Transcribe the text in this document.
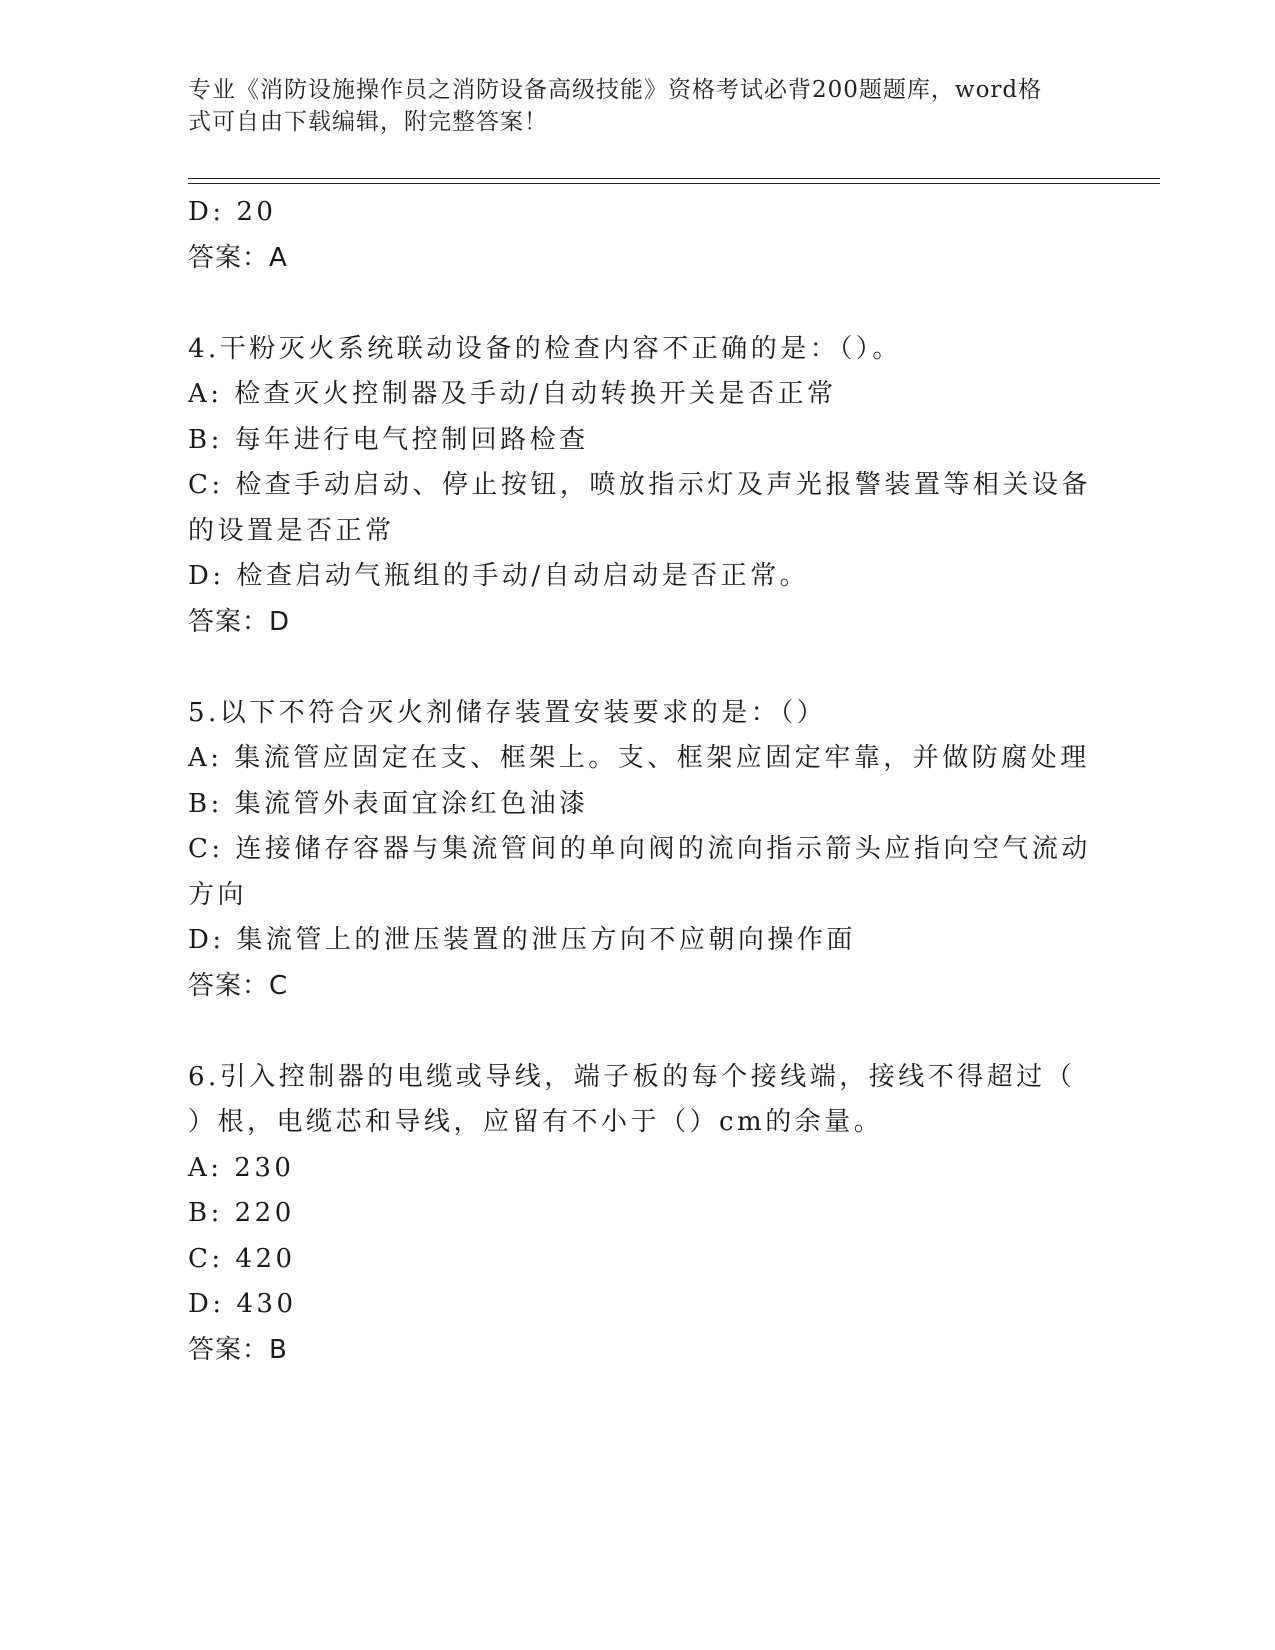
专业《消防设施操作员之消防设备高级技能》资格考试必背200题题库，word格
式可自由下载编辑，附完整答案！
D: 20
答案：A
4.干粉灭火系统联动设备的检查内容不正确的是：（）。
A: 检查灭火控制器及手动/自动转换开关是否正常
B: 每年进行电气控制回路检查
C: 检查手动启动、停止按钮，喷放指示灯及声光报警装置等相关设备
的设置是否正常
D: 检查启动气瓶组的手动/自动启动是否正常。
答案：D
5.以下不符合灭火剂储存装置安装要求的是：（）
A: 集流管应固定在支、框架上。支、框架应固定牢靠，并做防腐处理
B: 集流管外表面宜涂红色油漆
C: 连接储存容器与集流管间的单向阀的流向指示箭头应指向空气流动
方向
D: 集流管上的泄压装置的泄压方向不应朝向操作面
答案：C
6.引入控制器的电缆或导线，端子板的每个接线端，接线不得超过（
）根，电缆芯和导线，应留有不小于（）cm的余量。
A: 230
B: 220
C: 420
D: 430
答案：B
